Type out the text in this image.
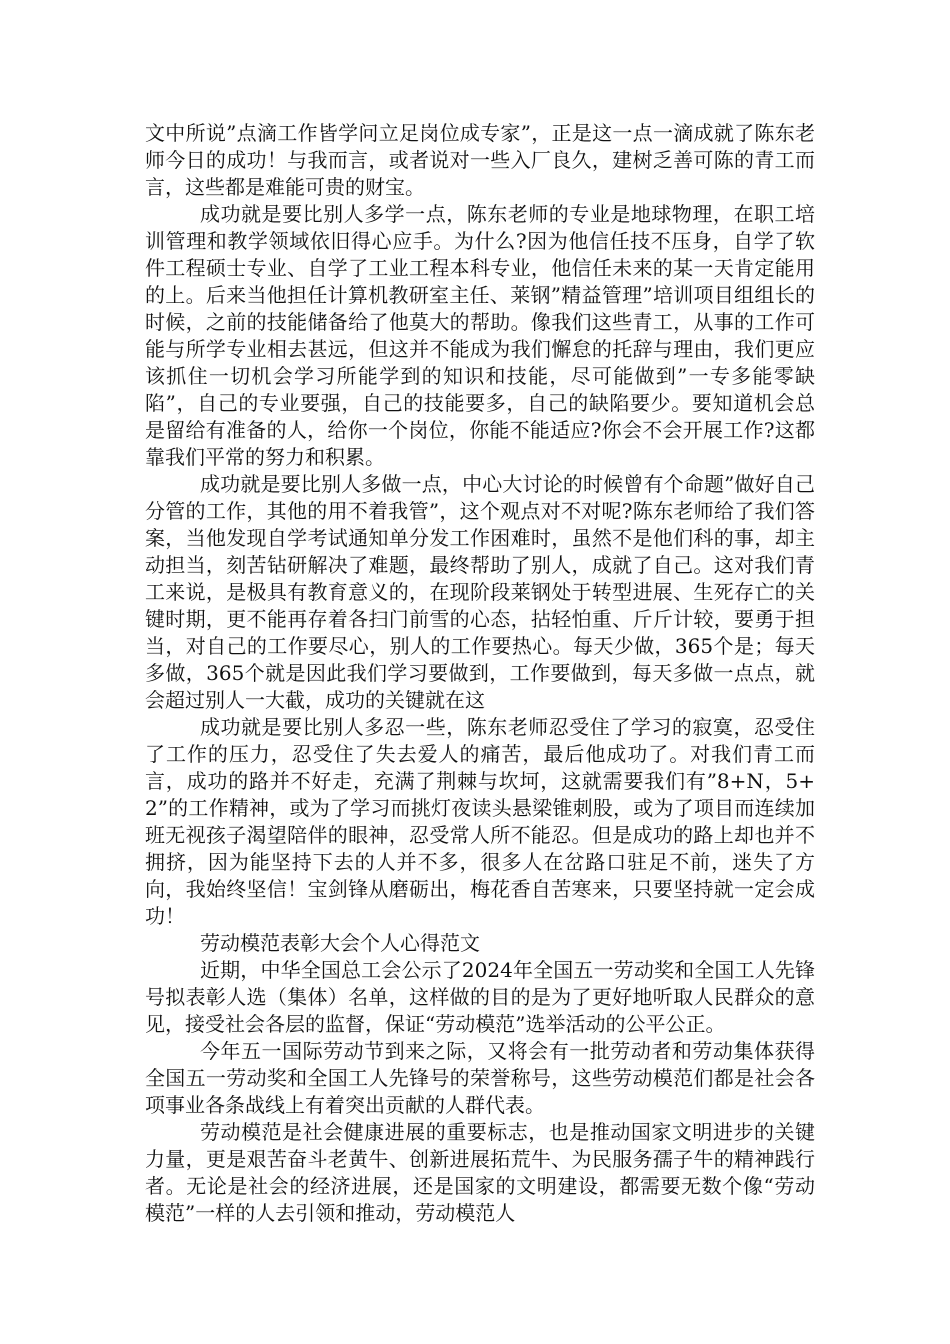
文中所说”点滴工作皆学问立足岗位成专家”，正是这一点一滴成就了陈东老师今日的成功！与我而言，或者说对一些入厂良久，建树乏善可陈的青工而言，这些都是难能可贵的财宝。

成功就是要比别人多学一点，陈东老师的专业是地球物理，在职工培训管理和教学领域依旧得心应手。为什么?因为他信任技不压身，自学了软件工程硕士专业、自学了工业工程本科专业，他信任未来的某一天肯定能用的上。后来当他担任计算机教研室主任、莱钢”精益管理”培训项目组组长的时候，之前的技能储备给了他莫大的帮助。像我们这些青工，从事的工作可能与所学专业相去甚远，但这并不能成为我们懈怠的托辞与理由，我们更应该抓住一切机会学习所能学到的知识和技能，尽可能做到”一专多能零缺陷”，自己的专业要强，自己的技能要多，自己的缺陷要少。要知道机会总是留给有准备的人，给你一个岗位，你能不能适应?你会不会开展工作?这都靠我们平常的努力和积累。

成功就是要比别人多做一点，中心大讨论的时候曾有个命题”做好自己分管的工作，其他的用不着我管”，这个观点对不对呢?陈东老师给了我们答案，当他发现自学考试通知单分发工作困难时，虽然不是他们科的事，却主动担当，刻苦钻研解决了难题，最终帮助了别人，成就了自己。这对我们青工来说，是极具有教育意义的，在现阶段莱钢处于转型进展、生死存亡的关键时期，更不能再存着各扫门前雪的心态，拈轻怕重、斤斤计较，要勇于担当，对自己的工作要尽心，别人的工作要热心。每天少做，365个是；每天多做，365个就是因此我们学习要做到，工作要做到，每天多做一点点，就会超过别人一大截，成功的关键就在这

成功就是要比别人多忍一些，陈东老师忍受住了学习的寂寞，忍受住了工作的压力，忍受住了失去爱人的痛苦，最后他成功了。对我们青工而言，成功的路并不好走，充满了荆棘与坎坷，这就需要我们有”8+N，5+2”的工作精神，或为了学习而挑灯夜读头悬梁锥刺股，或为了项目而连续加班无视孩子渴望陪伴的眼神，忍受常人所不能忍。但是成功的路上却也并不拥挤，因为能坚持下去的人并不多，很多人在岔路口驻足不前，迷失了方向，我始终坚信！宝剑锋从磨砺出，梅花香自苦寒来，只要坚持就一定会成功！

劳动模范表彰大会个人心得范文

近期，中华全国总工会公示了2024年全国五一劳动奖和全国工人先锋号拟表彰人选（集体）名单，这样做的目的是为了更好地听取人民群众的意见，接受社会各层的监督，保证“劳动模范”选举活动的公平公正。

今年五一国际劳动节到来之际，又将会有一批劳动者和劳动集体获得全国五一劳动奖和全国工人先锋号的荣誉称号，这些劳动模范们都是社会各项事业各条战线上有着突出贡献的人群代表。

劳动模范是社会健康进展的重要标志，也是推动国家文明进步的关键力量，更是艰苦奋斗老黄牛、创新进展拓荒牛、为民服务孺子牛的精神践行者。无论是社会的经济进展，还是国家的文明建设，都需要无数个像“劳动模范”一样的人去引领和推动，劳动模范人
